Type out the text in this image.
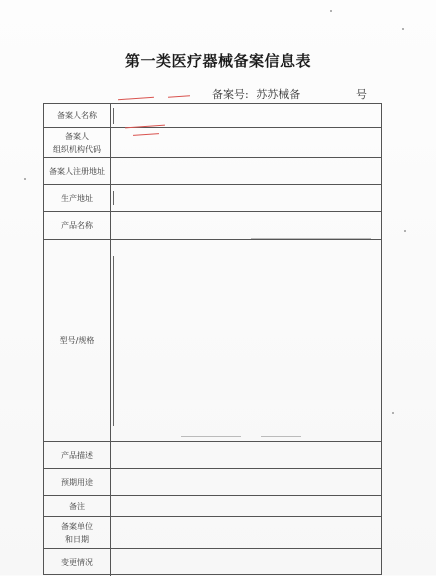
第一类医疗器械备案信息表
备案号: 苏苏械备	号
备案人名称
备案人
组织机构代码
备案人注册地址
生产地址
产品名称
型号/规格
产品描述
预期用途
备注
备案单位
和日期
变更情况
